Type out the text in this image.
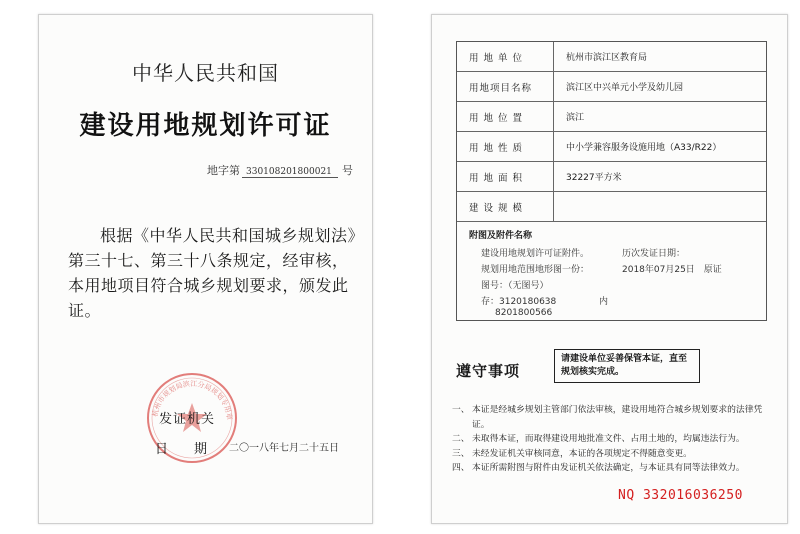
中华人民共和国
建设用地规划许可证
地字第 330108201800021 号
根据《中华人民共和国城乡规划法》第三十七、第三十八条规定，经审核，本用地项目符合城乡规划要求，颁发此证。
杭州市规划局滨江分局规划专用章
发证机关
日　　期 二〇一八年七月二十五日
用 地 单 位	杭州市滨江区教育局
用地项目名称	滨江区中兴单元小学及幼儿园
用 地 位 置	滨江
用 地 性 质	中小学兼容服务设施用地（A33/R22）
用 地 面 积	32227平方米
建 设 规 模
附图及附件名称
建设用地规划许可证附件。	历次发证日期：
规划用地范围地形图一份：	2018年07月25日　原证
图号：（无图号）
存：3120180638	内
8201800566
遵守事项
请建设单位妥善保管本证，直至规划核实完成。
一、 本证是经城乡规划主管部门依法审核，建设用地符合城乡规划要求的法律凭证。
二、 未取得本证，而取得建设用地批准文件、占用土地的，均属违法行为。
三、 未经发证机关审核同意，本证的各项规定不得随意变更。
四、 本证所需附图与附件由发证机关依法确定，与本证具有同等法律效力。
NQ 332016036250
